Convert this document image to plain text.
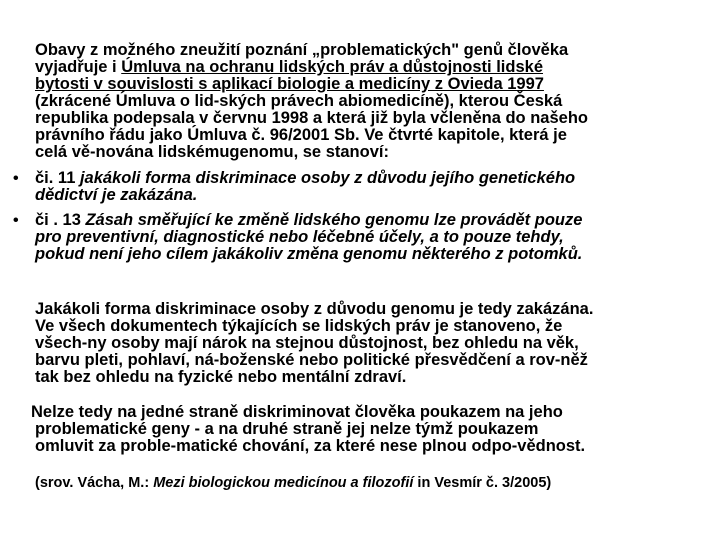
Obavy z možného zneužití poznání „problematických" genů člověka
vyjadřuje i Úmluva na ochranu lidských práv a důstojnosti lidské
bytosti v souvislosti s aplikací biologie a medicíny z Ovieda 1997
(zkrácené Úmluva o lid-ských právech abiomedicíně), kterou Česká
republika podepsala v červnu 1998 a která již byla včleněna do našeho
právního řádu jako Úmluva č. 96/2001 Sb. Ve čtvrté kapitole, která je
celá vě-nována lidskémugenomu, se stanoví:
• či. 11 jakákoli forma diskriminace osoby z důvodu jejího genetického
dědictví je zakázána.
• či . 13 Zásah směřující ke změně lidského genomu lze provádět pouze
pro preventivní, diagnostické nebo léčebné účely, a to pouze tehdy,
pokud není jeho cílem jakákoliv změna genomu některého z potomků.
Jakákoli forma diskriminace osoby z důvodu genomu je tedy zakázána.
Ve všech dokumentech týkajících se lidských práv je stanoveno, že
všech-ny osoby mají nárok na stejnou důstojnost, bez ohledu na věk,
barvu pleti, pohlaví, ná-boženské nebo politické přesvědčení a rov-něž
tak bez ohledu na fyzické nebo mentální zdraví.
Nelze tedy na jedné straně diskriminovat člověka poukazem na jeho
problematické geny - a na druhé straně jej nelze týmž poukazem
omluvit za proble-matické chování, za které nese plnou odpo-vědnost.
(srov. Vácha, M.: Mezi biologickou medicínou a filozofií in Vesmír č. 3/2005)
